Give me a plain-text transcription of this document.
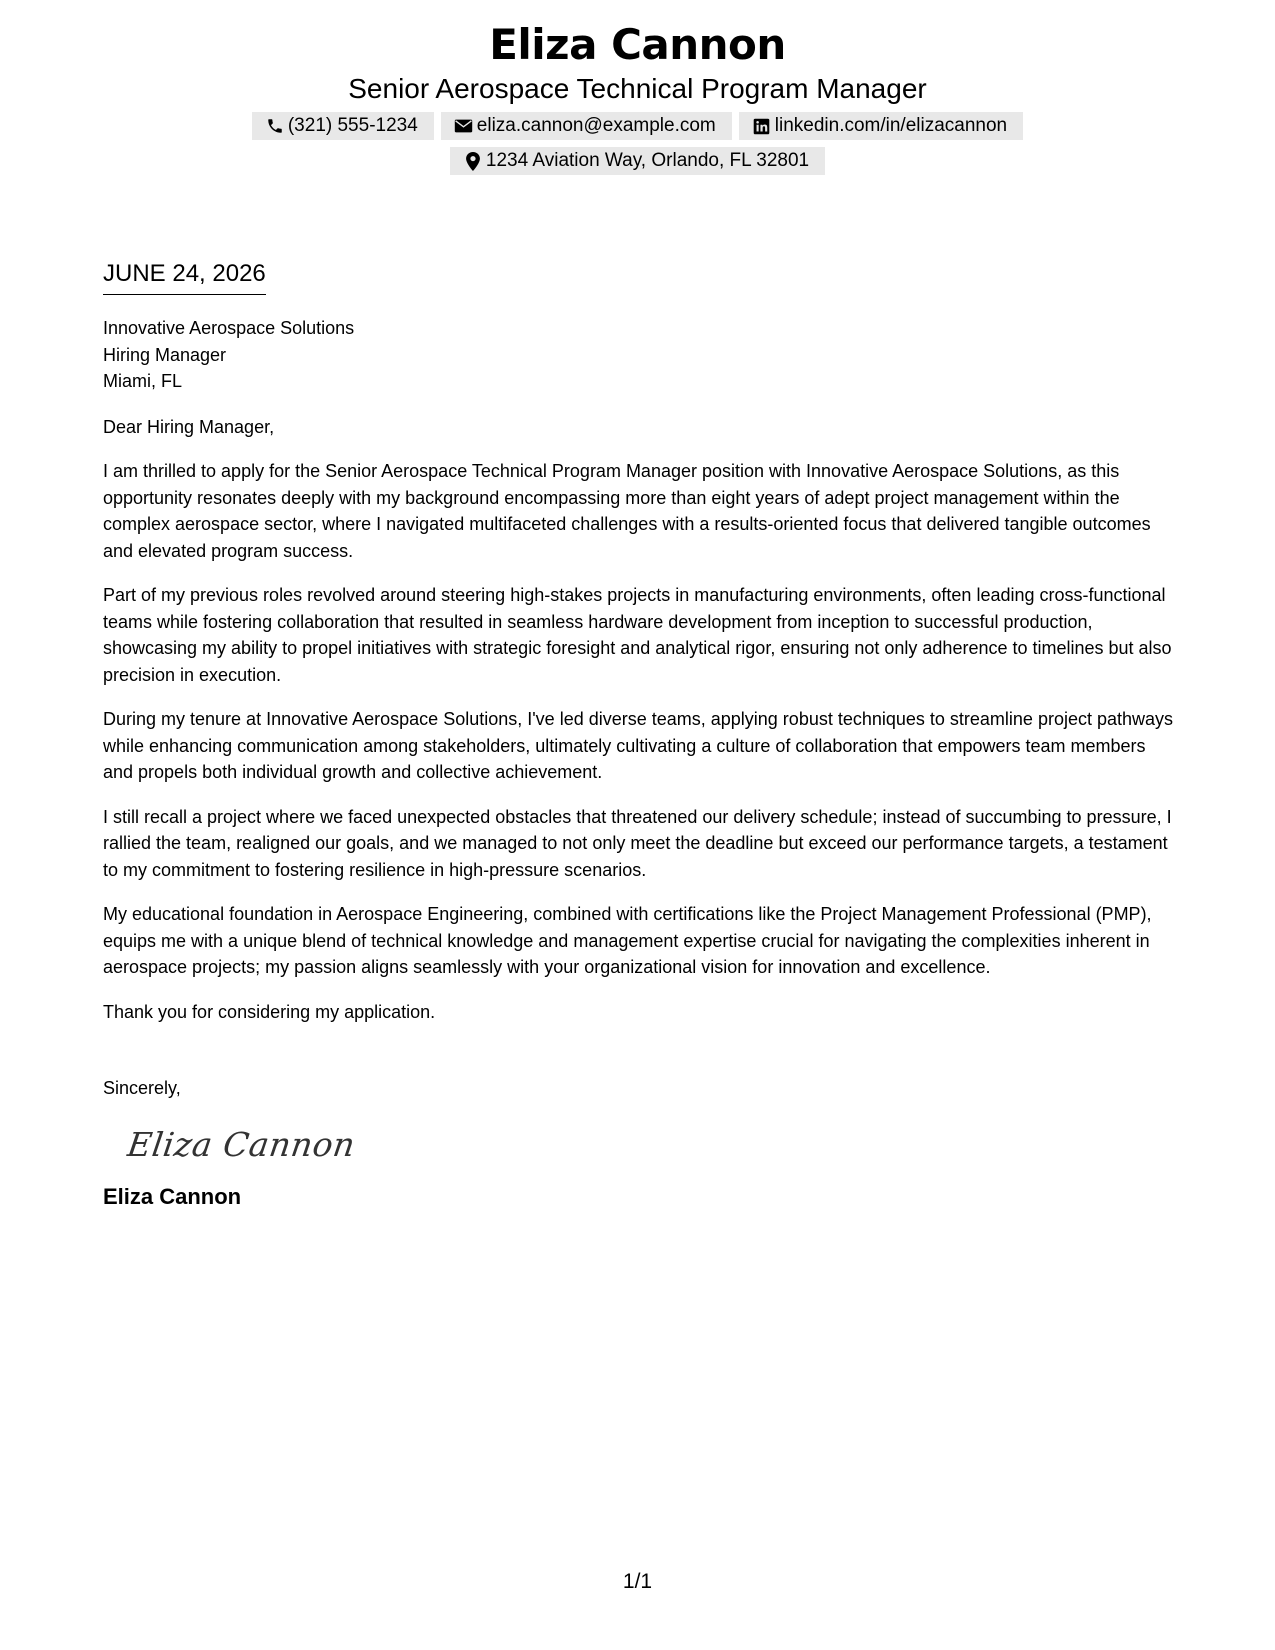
Eliza Cannon
Senior Aerospace Technical Program Manager
(321) 555-1234	eliza.cannon@example.com	linkedin.com/in/elizacannon
1234 Aviation Way, Orlando, FL 32801
JUNE 24, 2026
Innovative Aerospace Solutions
Hiring Manager
Miami, FL
Dear Hiring Manager,

I am thrilled to apply for the Senior Aerospace Technical Program Manager position with Innovative Aerospace Solutions, as this opportunity resonates deeply with my background encompassing more than eight years of adept project management within the complex aerospace sector, where I navigated multifaceted challenges with a results-oriented focus that delivered tangible outcomes and elevated program success.

Part of my previous roles revolved around steering high-stakes projects in manufacturing environments, often leading cross-functional teams while fostering collaboration that resulted in seamless hardware development from inception to successful production, showcasing my ability to propel initiatives with strategic foresight and analytical rigor, ensuring not only adherence to timelines but also precision in execution.

During my tenure at Innovative Aerospace Solutions, I've led diverse teams, applying robust techniques to streamline project pathways while enhancing communication among stakeholders, ultimately cultivating a culture of collaboration that empowers team members and propels both individual growth and collective achievement.

I still recall a project where we faced unexpected obstacles that threatened our delivery schedule; instead of succumbing to pressure, I rallied the team, realigned our goals, and we managed to not only meet the deadline but exceed our performance targets, a testament to my commitment to fostering resilience in high-pressure scenarios.

My educational foundation in Aerospace Engineering, combined with certifications like the Project Management Professional (PMP), equips me with a unique blend of technical knowledge and management expertise crucial for navigating the complexities inherent in aerospace projects; my passion aligns seamlessly with your organizational vision for innovation and excellence.

Thank you for considering my application.

Sincerely,
Eliza Cannon
Eliza Cannon
1/1
